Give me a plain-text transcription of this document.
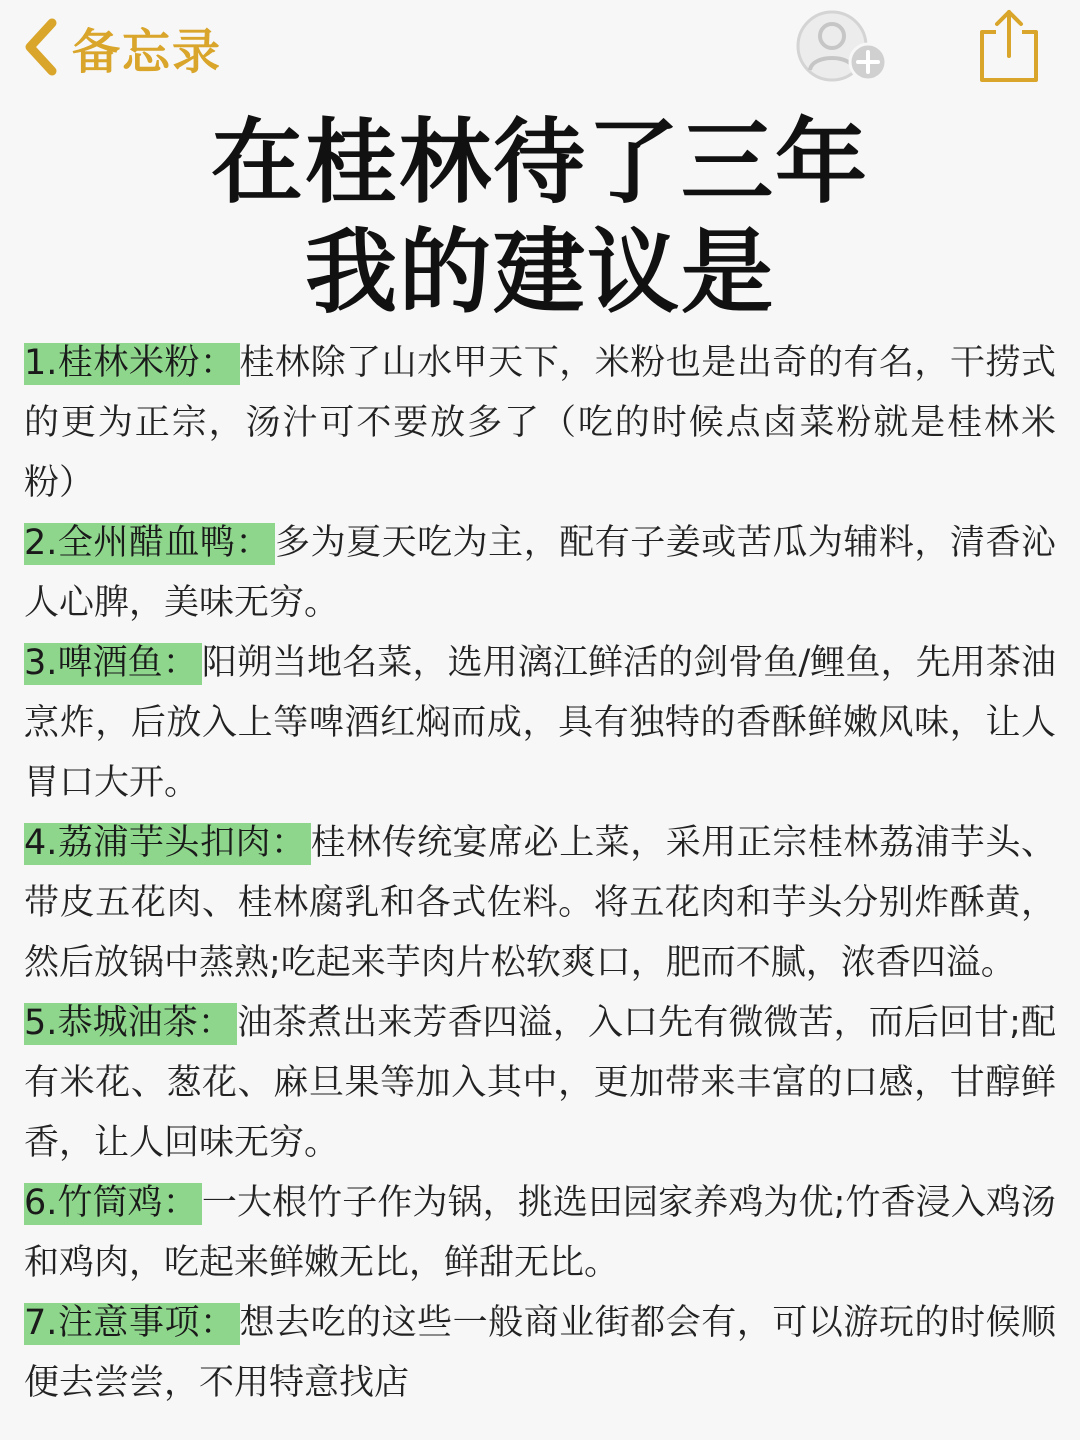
备忘录
在桂林待了三年
我的建议是

1.桂林米粉： 桂林除了山水甲天下，米粉也是出奇的有名，干捞式的更为正宗，汤汁可不要放多了（吃的时候点卤菜粉就是桂林米粉）

2.全州醋血鸭： 多为夏天吃为主，配有子姜或苦瓜为辅料，清香沁人心脾，美味无穷。

3.啤酒鱼： 阳朔当地名菜，选用漓江鲜活的剑骨鱼/鲤鱼，先用茶油烹炸，后放入上等啤酒红焖而成，具有独特的香酥鲜嫩风味，让人胃口大开。

4.荔浦芋头扣肉： 桂林传统宴席必上菜，采用正宗桂林荔浦芋头、带皮五花肉、桂林腐乳和各式佐料。将五花肉和芋头分别炸酥黄，然后放锅中蒸熟;吃起来芋肉片松软爽口，肥而不腻，浓香四溢。

5.恭城油茶： 油茶煮出来芳香四溢，入口先有微微苦，而后回甘;配有米花、葱花、麻旦果等加入其中，更加带来丰富的口感，甘醇鲜香，让人回味无穷。

6.竹筒鸡： 一大根竹子作为锅，挑选田园家养鸡为优;竹香浸入鸡汤和鸡肉，吃起来鲜嫩无比，鲜甜无比。

7.注意事项： 想去吃的这些一般商业街都会有，可以游玩的时候顺便去尝尝，不用特意找店
